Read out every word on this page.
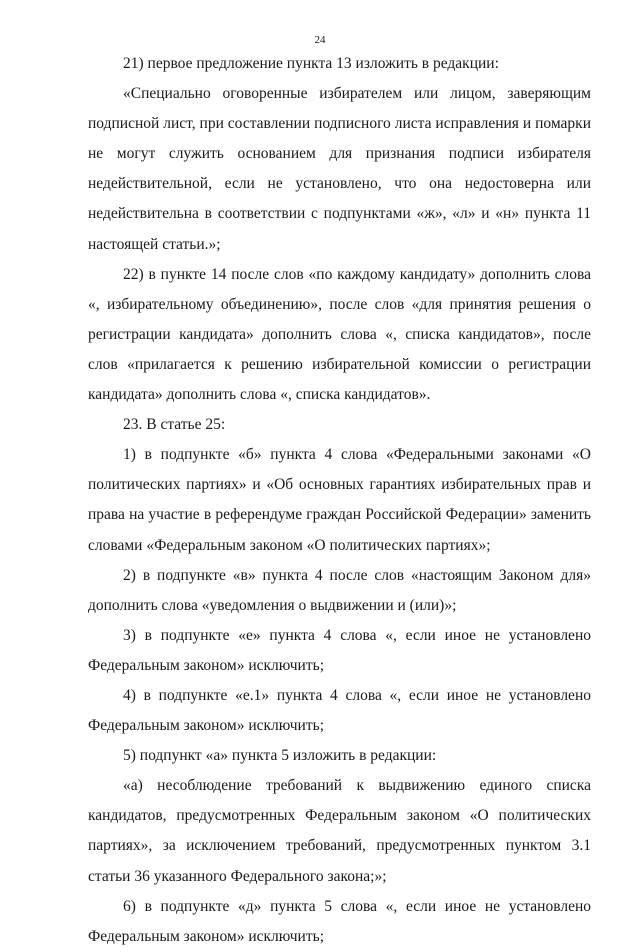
24

21) первое предложение пункта 13 изложить в редакции:

«Специально оговоренные избирателем или лицом, заверяющим подписной лист, при составлении подписного листа исправления и помарки не могут служить основанием для признания подписи избирателя недействительной, если не установлено, что она недостоверна или недействительна в соответствии с подпунктами «ж», «л» и «н» пункта 11 настоящей статьи.»;

22) в пункте 14 после слов «по каждому кандидату» дополнить слова «, избирательному объединению», после слов «для принятия решения о регистрации кандидата» дополнить слова «, списка кандидатов», после слов «прилагается к решению избирательной комиссии о регистрации кандидата» дополнить слова «, списка кандидатов».

23. В статье 25:

1) в подпункте «б» пункта 4 слова «Федеральными законами «О политических партиях» и «Об основных гарантиях избирательных прав и права на участие в референдуме граждан Российской Федерации» заменить словами «Федеральным законом «О политических партиях»;

2) в подпункте «в» пункта 4 после слов «настоящим Законом для» дополнить слова «уведомления о выдвижении и (или)»;

3) в подпункте «е» пункта 4 слова «, если иное не установлено Федеральным законом» исключить;

4) в подпункте «е.1» пункта 4 слова «, если иное не установлено Федеральным законом» исключить;

5) подпункт «а» пункта 5 изложить в редакции:

«а) несоблюдение требований к выдвижению единого списка кандидатов, предусмотренных Федеральным законом «О политических партиях», за исключением требований, предусмотренных пунктом 3.1 статьи 36 указанного Федерального закона;»;

6) в подпункте «д» пункта 5 слова «, если иное не установлено Федеральным законом» исключить;
